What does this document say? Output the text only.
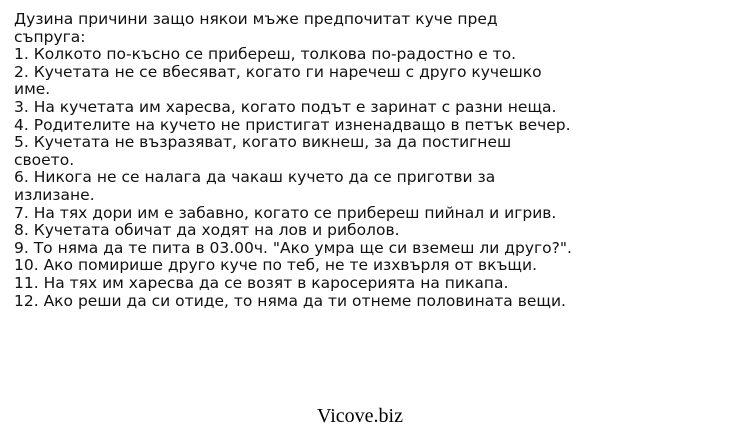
Дузина причини защо някои мъже предпочитат куче пред съпруга:

1. Колкото по-късно се прибереш, толкова по-радостно е то.

2. Кучетата не се вбесяват, когато ги наречеш с друго кучешко име.

3. На кучетата им харесва, когато подът е заринат с разни неща.

4. Родителите на кучето не пристигат изненадващо в петък вечер.

5. Кучетата не възразяват, когато викнеш, за да постигнеш своето.

6. Никога не се налага да чакаш кучето да се приготви за излизане.

7. На тях дори им е забавно, когато се прибереш пийнал и игрив.

8. Кучетата обичат да ходят на лов и риболов.

9. То няма да те пита в 03.00ч. "Ако умра ще си вземеш ли друго?".

10. Ако помирише друго куче по теб, не те изхвърля от вкъщи.

11. На тях им харесва да се возят в каросерията на пикапа.

12. Ако реши да си отиде, то няма да ти отнеме половината вещи.

Vicove.biz
